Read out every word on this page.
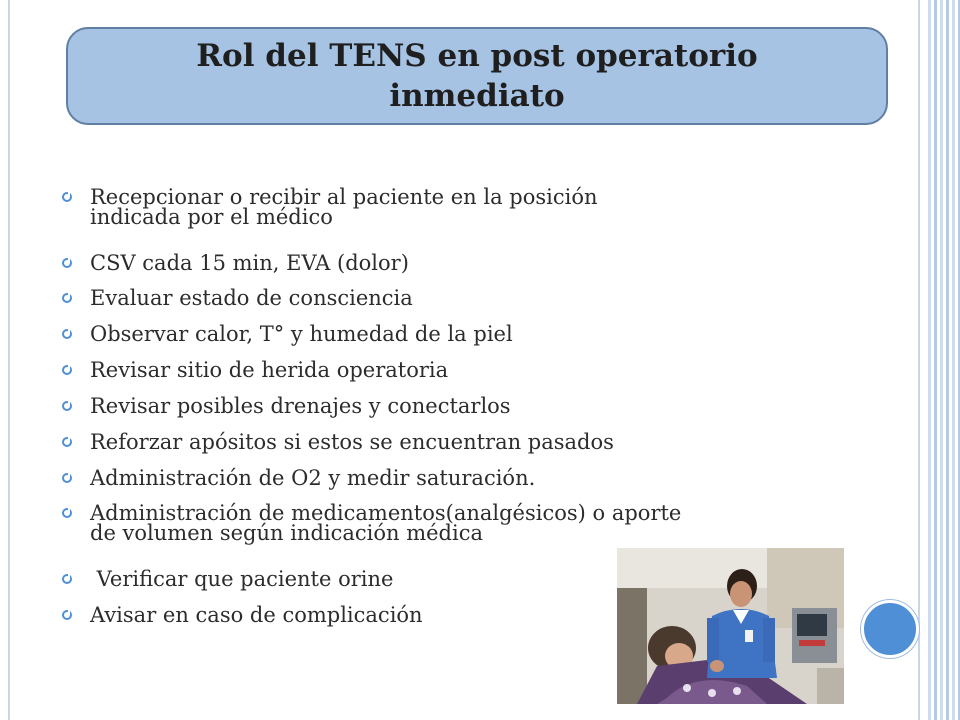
Rol del TENS en post operatorio
inmediato
Recepcionar o recibir al paciente en la posición
indicada por el médico
CSV cada 15 min, EVA (dolor)
Evaluar estado de consciencia
Observar calor, T° y humedad de la piel
Revisar sitio de herida operatoria
Revisar posibles drenajes y conectarlos
Reforzar apósitos si estos se encuentran pasados
Administración de O2 y medir saturación.
Administración de medicamentos(analgésicos) o aporte
de volumen según indicación médica
Verificar que paciente orine
Avisar en caso de complicación
